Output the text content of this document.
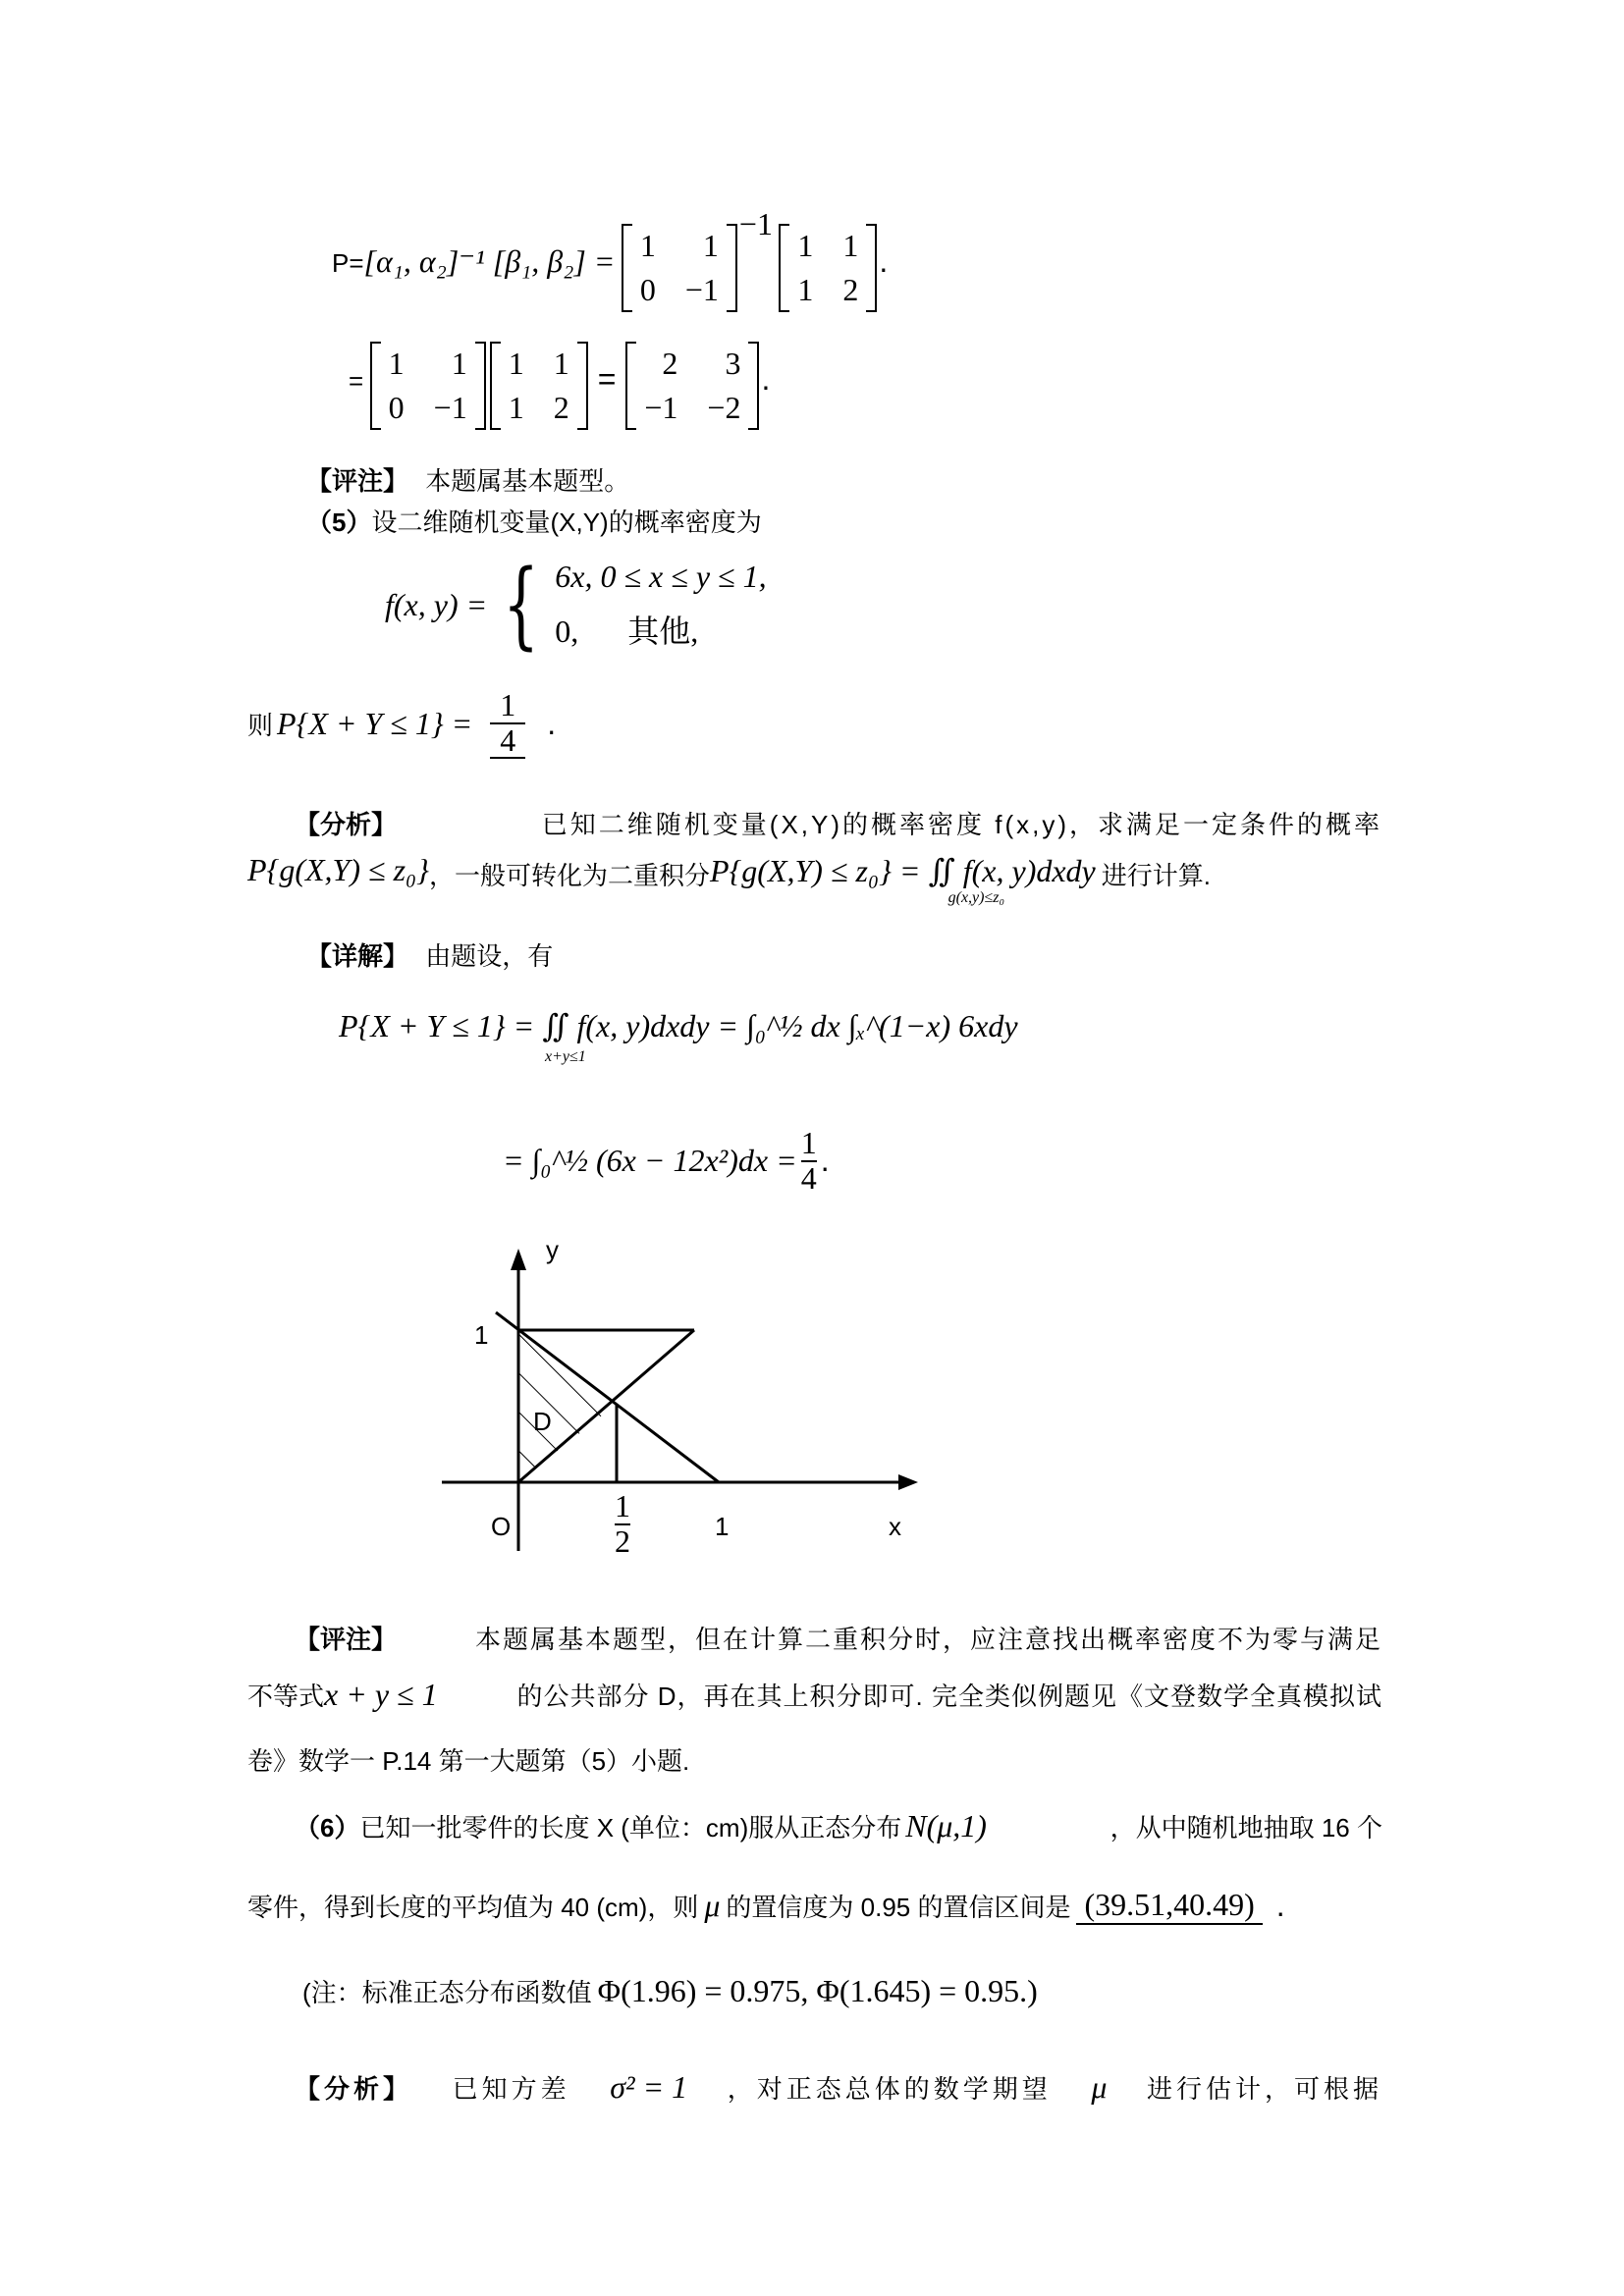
P=[α₁, α₂]⁻¹ [β₁, β₂] = 1	1
0 −1
$^{-1}$
1 1
1 2
.
=
1	1
0 −1
1 1
1 2
=	2	3
−1 −2
.
【评注】 本题属基本题型。
（5）设二维随机变量(X,Y)的概率密度为
f(x, y) = { 6x, 0 ≤ x ≤ y ≤ 1,
0, 其他,
则 $P\{X + Y \le 1\} = \frac{1}{4}$ .
【分析】	已知二维随机变量(X,Y)的概率密度 f(x,y)，求满足一定条件的概率
P{g(X,Y) ≤ z₀} ，一般可转化为二重积分 P{g(X,Y) ≤ z₀} = ∬ f(x, y)dxdy
g(x,y)≤z₀
进行计算.
【详解】 由题设，有
P{X + Y ≤ 1} = ∬ f(x, y)dxdy = ∫₀^½ dx ∫ₓ^(1−x) 6xdy
x+y≤1
= ∫₀^½ $(6x - 12x^2)dx = \frac{1}{4}$ .
y
1
D
O	1	x
1
2
【评注】	本题属基本题型，但在计算二重积分时，应注意找出概率密度不为零与满足
不等式x + y ≤ 1	的公共部分 D，再在其上积分即可. 完全类似例题见《文登数学全真模拟试
卷》数学一 P.14 第一大题第（5）小题.
（6）已知一批零件的长度 X (单位：cm)服从正态分布 N(μ,1)	，从中随机地抽取 16 个
零件，得到长度的平均值为 40 (cm)，则 μ 的置信度为 0.95 的置信区间是 (39.51,40.49) .
(注：标准正态分布函数值 Φ(1.96) = 0.975, Φ(1.645) = 0.95.)
【分析】 已知方差 σ² = 1 ，对正态总体的数学期望 μ 进行估计，可根据
